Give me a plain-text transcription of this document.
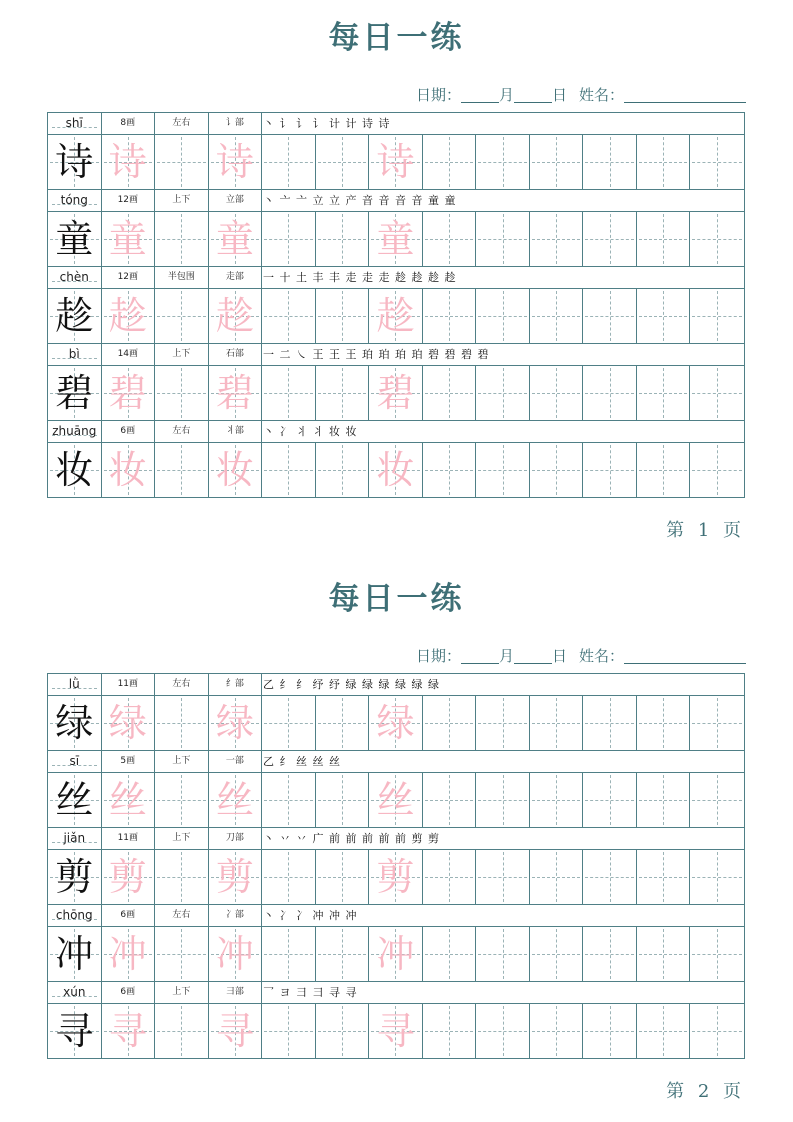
每日一练
日期：	月	日 姓名：
第 1 页
shī	8画	左右	讠部	丶 讠 讠 讠 计 计 诗 诗
诗 诗 诗	诗
tóng	12画	上下	立部	丶 亠 亠 立 立 产 音 音 音 音 童 童
童 童 童	童
chèn	12画	半包围	走部	一 十 土 丰 丰 走 走 走 趁 趁 趁 趁
趁 趁 趁	趁
bì	14画	上下	石部	一 二 ㇏ 王 王 王 珀 珀 珀 珀 碧 碧 碧 碧
碧 碧 碧	碧
zhuāng	6画	左右	丬部	丶 冫 丬 丬 妆 妆
妆 妆 妆	妆
每日一练
日期：	月	日 姓名：
第 2 页
lǜ	11画	左右	纟部	乙 纟 纟 纾 纾 绿 绿 绿 绿 绿 绿
绿 绿 绿	绿
sī	5画	上下	一部	乙 纟 丝 丝 丝
丝 丝 丝	丝
jiǎn	11画	上下	刀部	丶 丷 丷 广 前 前 前 前 前 剪 剪
剪 剪 剪	剪
chōng	6画	左右	冫部	丶 冫 冫 冲 冲 冲
冲 冲 冲	冲
xún	6画	上下	彐部	乛 ヨ 彐 彐 寻 寻
寻 寻 寻	寻
